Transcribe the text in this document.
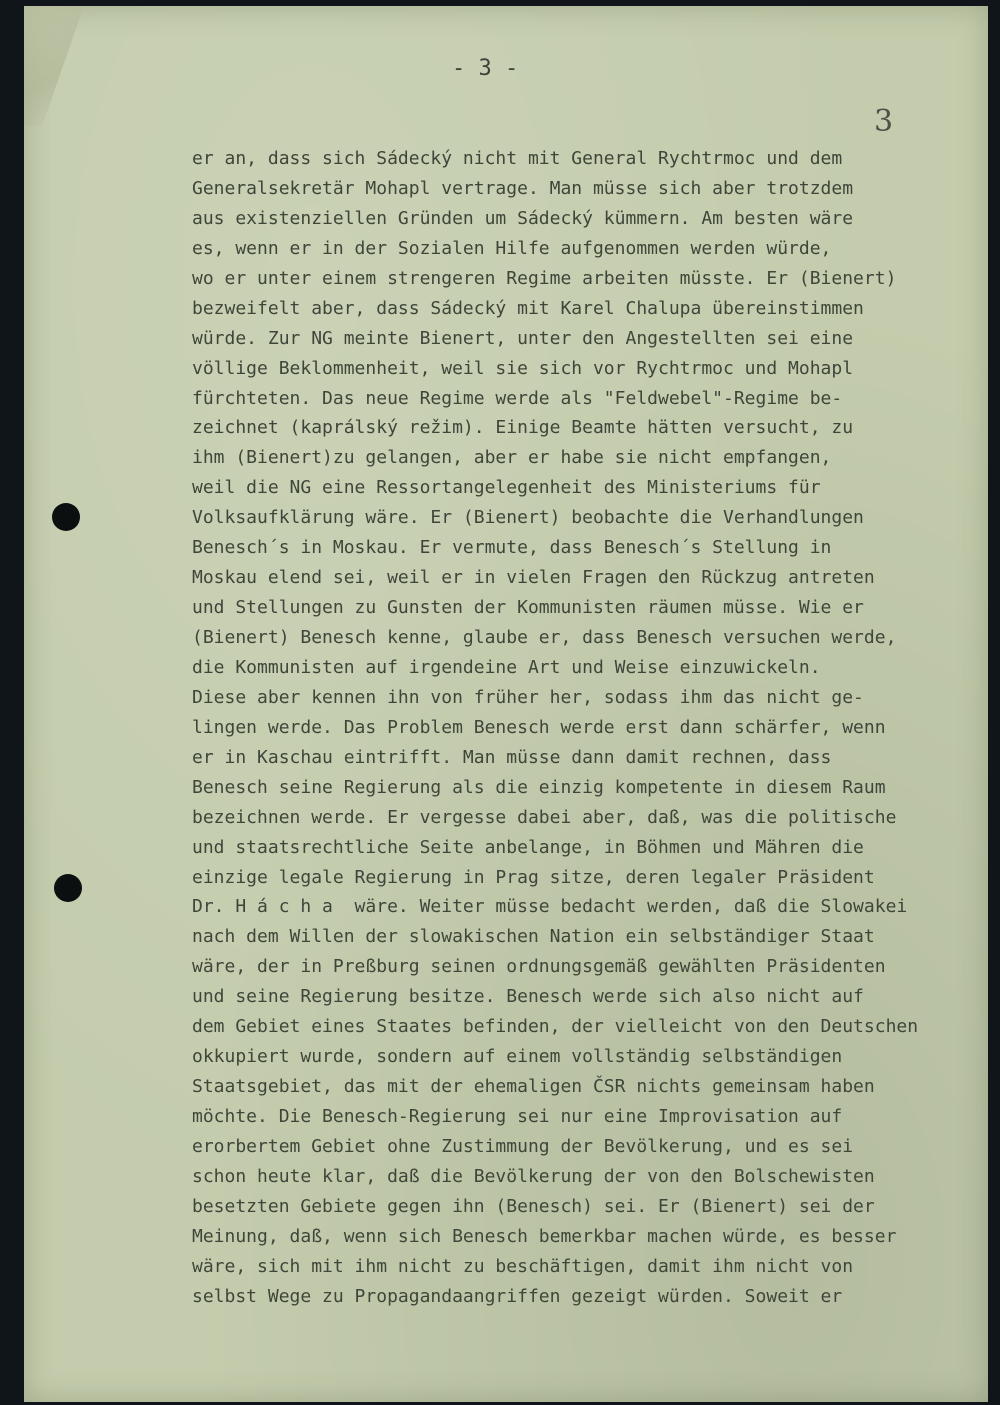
- 3 -
3
er an, dass sich Sádecký nicht mit General Rychtrmoc und dem
Generalsekretär Mohapl vertrage. Man müsse sich aber trotzdem
aus existenziellen Gründen um Sádecký kümmern. Am besten wäre
es, wenn er in der Sozialen Hilfe aufgenommen werden würde,
wo er unter einem strengeren Regime arbeiten müsste. Er (Bienert)
bezweifelt aber, dass Sádecký mit Karel Chalupa übereinstimmen
würde. Zur NG meinte Bienert, unter den Angestellten sei eine
völlige Beklommenheit, weil sie sich vor Rychtrmoc und Mohapl
fürchteten. Das neue Regime werde als "Feldwebel"-Regime be-
zeichnet (kaprálský režim). Einige Beamte hätten versucht, zu
ihm (Bienert)zu gelangen, aber er habe sie nicht empfangen,
weil die NG eine Ressortangelegenheit des Ministeriums für
Volksaufklärung wäre. Er (Bienert) beobachte die Verhandlungen
Benesch´s in Moskau. Er vermute, dass Benesch´s Stellung in
Moskau elend sei, weil er in vielen Fragen den Rückzug antreten
und Stellungen zu Gunsten der Kommunisten räumen müsse. Wie er
(Bienert) Benesch kenne, glaube er, dass Benesch versuchen werde,
die Kommunisten auf irgendeine Art und Weise einzuwickeln.
Diese aber kennen ihn von früher her, sodass ihm das nicht ge-
lingen werde. Das Problem Benesch werde erst dann schärfer, wenn
er in Kaschau eintrifft. Man müsse dann damit rechnen, dass
Benesch seine Regierung als die einzig kompetente in diesem Raum
bezeichnen werde. Er vergesse dabei aber, daß, was die politische
und staatsrechtliche Seite anbelange, in Böhmen und Mähren die
einzige legale Regierung in Prag sitze, deren legaler Präsident
Dr. H á c h a  wäre. Weiter müsse bedacht werden, daß die Slowakei
nach dem Willen der slowakischen Nation ein selbständiger Staat
wäre, der in Preßburg seinen ordnungsgemäß gewählten Präsidenten
und seine Regierung besitze. Benesch werde sich also nicht auf
dem Gebiet eines Staates befinden, der vielleicht von den Deutschen
okkupiert wurde, sondern auf einem vollständig selbständigen
Staatsgebiet, das mit der ehemaligen ČSR nichts gemeinsam haben
möchte. Die Benesch-Regierung sei nur eine Improvisation auf
erorbertem Gebiet ohne Zustimmung der Bevölkerung, und es sei
schon heute klar, daß die Bevölkerung der von den Bolschewisten
besetzten Gebiete gegen ihn (Benesch) sei. Er (Bienert) sei der
Meinung, daß, wenn sich Benesch bemerkbar machen würde, es besser
wäre, sich mit ihm nicht zu beschäftigen, damit ihm nicht von
selbst Wege zu Propagandaangriffen gezeigt würden. Soweit er
